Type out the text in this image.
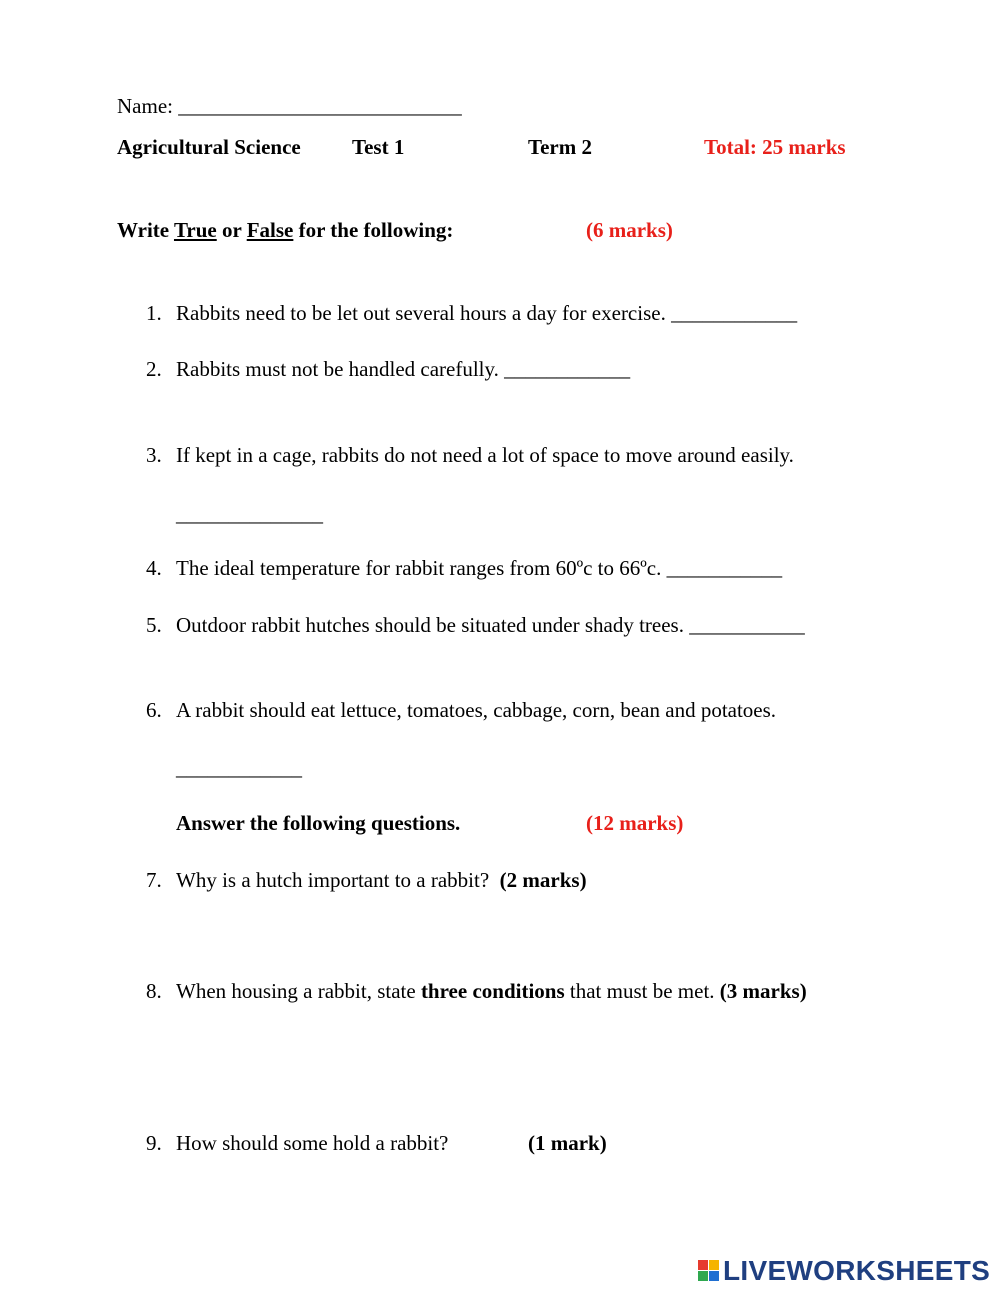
Name: ___________________________
Agricultural Science Test 1	Term 2	Total: 25 marks
Write True or False for the following:	(6 marks)
1. Rabbits need to be let out several hours a day for exercise. ____________
2. Rabbits must not be handled carefully. ____________
3. If kept in a cage, rabbits do not need a lot of space to move around easily.
______________
4. The ideal temperature for rabbit ranges from 60ºc to 66ºc. ___________
5. Outdoor rabbit hutches should be situated under shady trees. ___________
6. A rabbit should eat lettuce, tomatoes, cabbage, corn, bean and potatoes.
____________
Answer the following questions.	(12 marks)
7. Why is a hutch important to a rabbit? (2 marks)
8. When housing a rabbit, state three conditions that must be met. (3 marks)
9. How should some hold a rabbit?	(1 mark)
LIVEWORKSHEETS
